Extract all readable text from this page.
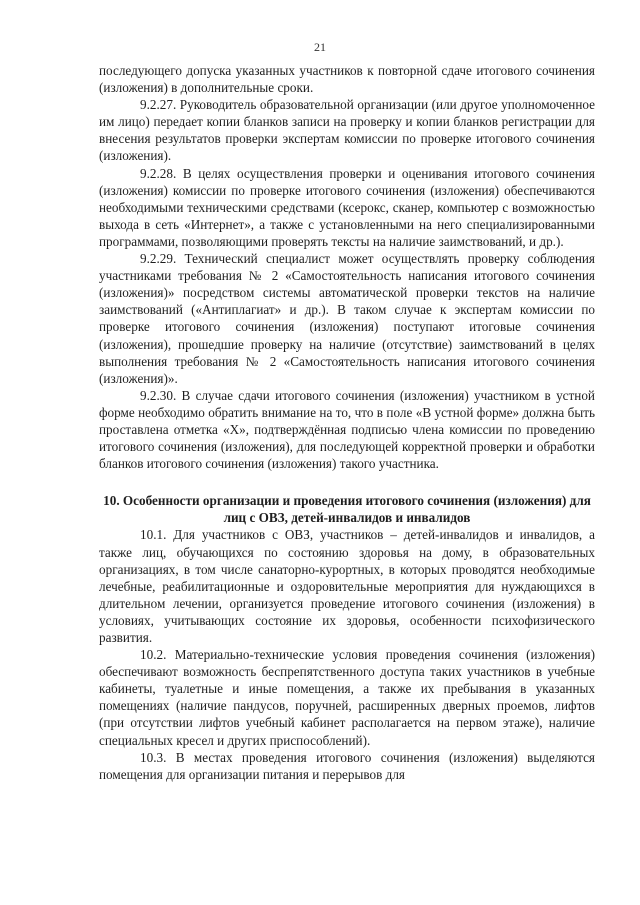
21

последующего допуска указанных участников к повторной сдаче итогового сочинения (изложения) в дополнительные сроки.

9.2.27. Руководитель образовательной организации (или другое уполномоченное им лицо) передает копии бланков записи на проверку и копии бланков регистрации для внесения результатов проверки экспертам комиссии по проверке итогового сочинения (изложения).

9.2.28. В целях осуществления проверки и оценивания итогового сочинения (изложения) комиссии по проверке итогового сочинения (изложения) обеспечиваются необходимыми техническими средствами (ксерокс, сканер, компьютер с возможностью выхода в сеть «Интернет», а также с установленными на него специализированными программами, позволяющими проверять тексты на наличие заимствований, и др.).

9.2.29. Технический специалист может осуществлять проверку соблюдения участниками требования № 2 «Самостоятельность написания итогового сочинения (изложения)» посредством системы автоматической проверки текстов на наличие заимствований («Антиплагиат» и др.). В таком случае к экспертам комиссии по проверке итогового сочинения (изложения) поступают итоговые сочинения (изложения), прошедшие проверку на наличие (отсутствие) заимствований в целях выполнения требования № 2 «Самостоятельность написания итогового сочинения (изложения)».

9.2.30. В случае сдачи итогового сочинения (изложения) участником в устной форме необходимо обратить внимание на то, что в поле «В устной форме» должна быть проставлена отметка «Х», подтверждённая подписью члена комиссии по проведению итогового сочинения (изложения), для последующей корректной проверки и обработки бланков итогового сочинения (изложения) такого участника.

10. Особенности организации и проведения итогового сочинения (изложения) для лиц с ОВЗ, детей-инвалидов и инвалидов

10.1. Для участников с ОВЗ, участников – детей-инвалидов и инвалидов, а также лиц, обучающихся по состоянию здоровья на дому, в образовательных организациях, в том числе санаторно-курортных, в которых проводятся необходимые лечебные, реабилитационные и оздоровительные мероприятия для нуждающихся в длительном лечении, организуется проведение итогового сочинения (изложения) в условиях, учитывающих состояние их здоровья, особенности психофизического развития.

10.2. Материально-технические условия проведения сочинения (изложения) обеспечивают возможность беспрепятственного доступа таких участников в учебные кабинеты, туалетные и иные помещения, а также их пребывания в указанных помещениях (наличие пандусов, поручней, расширенных дверных проемов, лифтов (при отсутствии лифтов учебный кабинет располагается на первом этаже), наличие специальных кресел и других приспособлений).

10.3. В местах проведения итогового сочинения (изложения) выделяются помещения для организации питания и перерывов для
